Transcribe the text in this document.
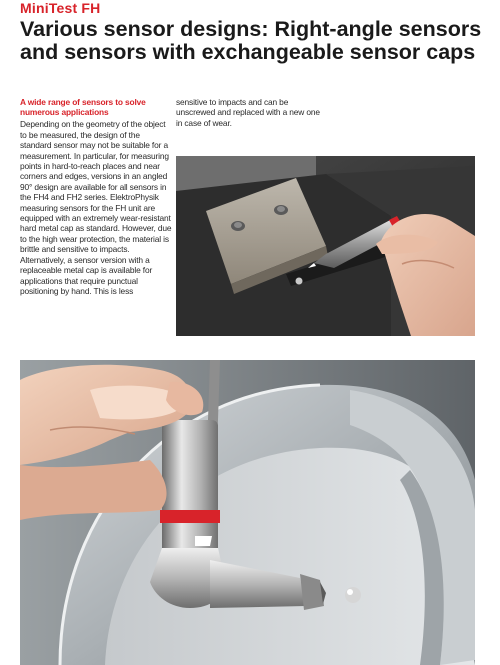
MiniTest FH
Various sensor designs: Right-angle sensors and sensors with exchangeable sensor caps
A wide range of sensors to solve numerous applications

Depending on the geometry of the object to be measured, the design of the standard sensor may not be suitable for a measurement. In particular, for measuring points in hard-to-reach places and near corners and edges, versions in an angled 90° design are available for all sensors in the FH4 and FH2 series. ElektroPhysik measuring sensors for the FH unit are equipped with an extremely wear-resistant hard metal cap as standard. However, due to the high wear protection, the material is brittle and sensitive to impacts. Alternatively, a sensor version with a replaceable metal cap is available for applications that require punctual positioning by hand. This is less

sensitive to impacts and can be unscrewed and replaced with a new one in case of wear.
